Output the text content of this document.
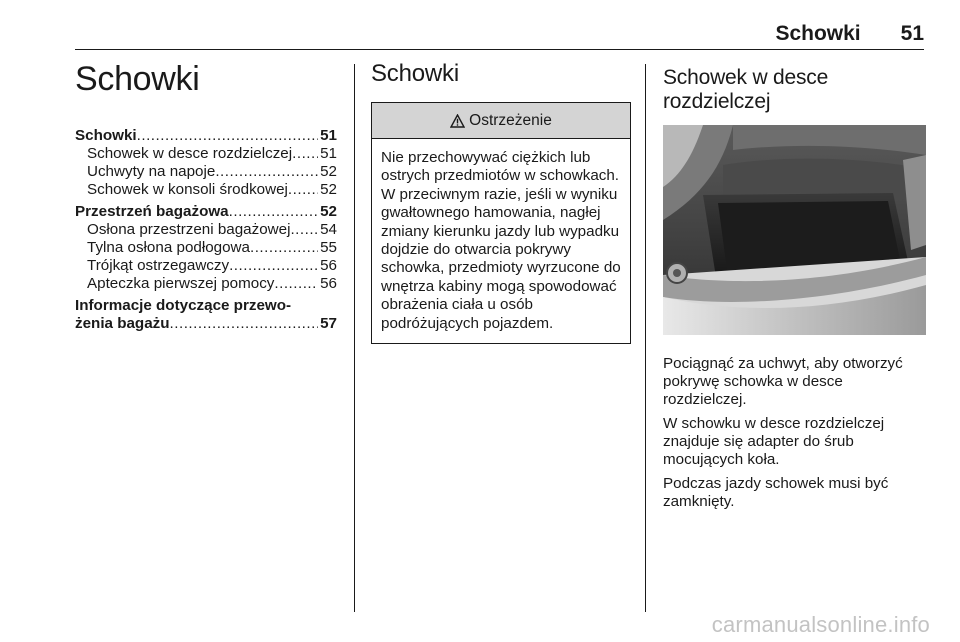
Schowki 51
Schowki
Schowki .....	51
Schowek w desce rozdzielczej ..... 51
Uchwyty na napoje .....	52
Schowek w konsoli środkowej ..... 52
Przestrzeń bagażowa .....	52
Osłona przestrzeni bagażowej ..... 54
Tylna osłona podłogowa .....	55
Trójkąt ostrzegawczy .....	56
Apteczka pierwszej pomocy .....	56
Informacje dotyczące przewo-
żenia bagażu .....	57
Schowki
Ostrzeżenie
Nie przechowywać ciężkich lub ostrych przedmiotów w schowkach. W przeciwnym razie, jeśli w wyniku gwałtownego hamowania, nagłej zmiany kierunku jazdy lub wypadku dojdzie do otwarcia pokrywy schowka, przedmioty wyrzucone do wnętrza kabiny mogą spowodować obrażenia ciała u osób podróżujących pojazdem.
Schowek w desce
rozdzielczej

Pociągnąć za uchwyt, aby otworzyć pokrywę schowka w desce rozdzielczej.

W schowku w desce rozdzielczej znajduje się adapter do śrub mocujących koła.

Podczas jazdy schowek musi być zamknięty.

carmanualsonline.info
